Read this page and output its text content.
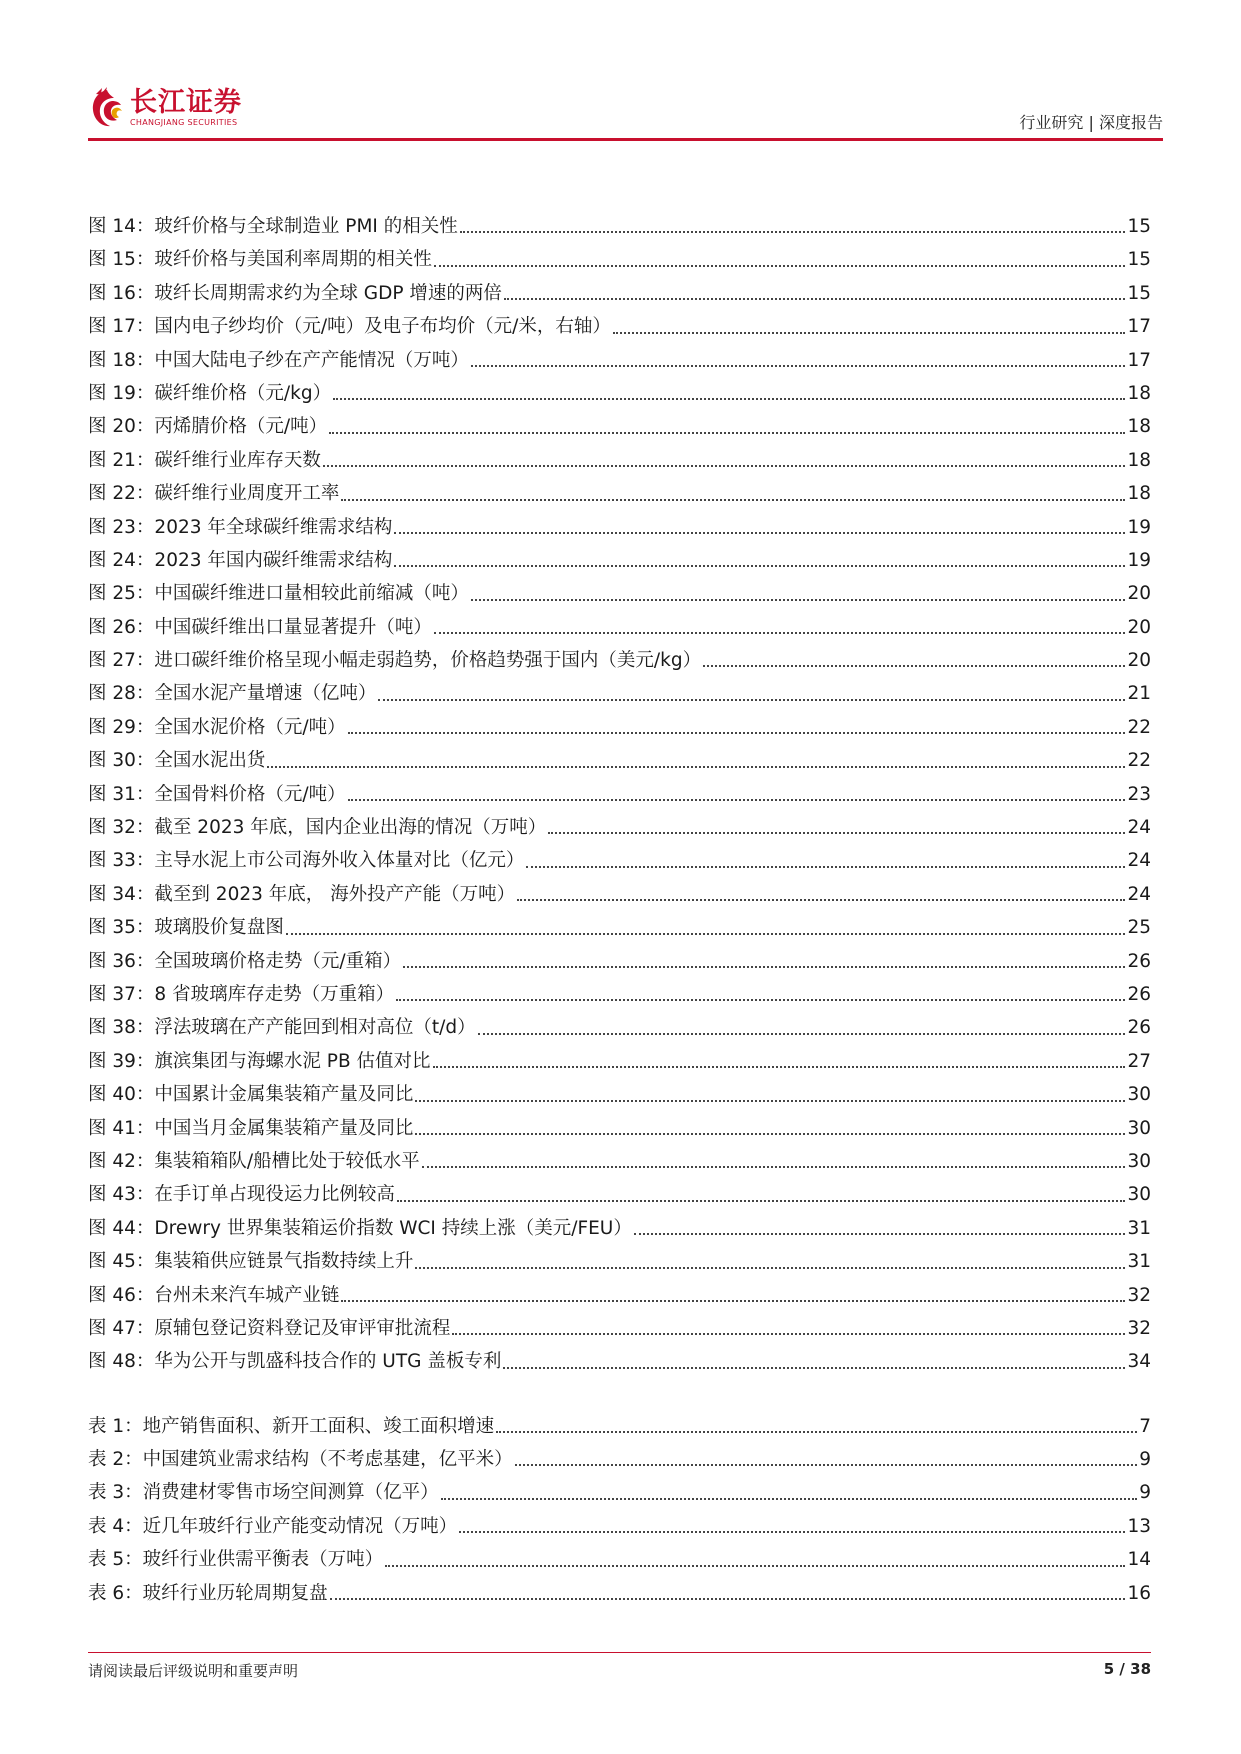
长江证券
CHANGJIANG SECURITIES	行业研究 | 深度报告
图 14： 玻纤价格与全球制造业 PMI 的相关性	15
图 15： 玻纤价格与美国利率周期的相关性	15
图 16： 玻纤长周期需求约为全球 GDP 增速的两倍	15
图 17： 国内电子纱均价（元/吨）及电子布均价（元/米，右轴）	17
图 18： 中国大陆电子纱在产产能情况（万吨）	17
图 19： 碳纤维价格（元/kg）	18
图 20： 丙烯腈价格（元/吨）	18
图 21： 碳纤维行业库存天数	18
图 22： 碳纤维行业周度开工率	18
图 23： 2023 年全球碳纤维需求结构	19
图 24： 2023 年国内碳纤维需求结构	19
图 25： 中国碳纤维进口量相较此前缩减（吨）	20
图 26： 中国碳纤维出口量显著提升（吨）	20
图 27： 进口碳纤维价格呈现小幅走弱趋势，价格趋势强于国内（美元/kg）	20
图 28： 全国水泥产量增速（亿吨）	21
图 29： 全国水泥价格（元/吨）	22
图 30： 全国水泥出货	22
图 31： 全国骨料价格（元/吨）	23
图 32： 截至 2023 年底，国内企业出海的情况（万吨）	24
图 33： 主导水泥上市公司海外收入体量对比（亿元）	24
图 34： 截至到 2023 年底， 海外投产产能（万吨）	24
图 35： 玻璃股价复盘图	25
图 36： 全国玻璃价格走势（元/重箱）	26
图 37： 8 省玻璃库存走势（万重箱）	26
图 38： 浮法玻璃在产产能回到相对高位（t/d）	26
图 39： 旗滨集团与海螺水泥 PB 估值对比	27
图 40： 中国累计金属集装箱产量及同比	30
图 41： 中国当月金属集装箱产量及同比	30
图 42： 集装箱箱队/船槽比处于较低水平	30
图 43： 在手订单占现役运力比例较高	30
图 44： Drewry 世界集装箱运价指数 WCI 持续上涨（美元/FEU）	31
图 45： 集装箱供应链景气指数持续上升	31
图 46： 台州未来汽车城产业链	32
图 47： 原辅包登记资料登记及审评审批流程	32
图 48： 华为公开与凯盛科技合作的 UTG 盖板专利	34
表 1： 地产销售面积、新开工面积、竣工面积增速	7
表 2： 中国建筑业需求结构（不考虑基建，亿平米）	9
表 3： 消费建材零售市场空间测算（亿平）	9
表 4： 近几年玻纤行业产能变动情况（万吨）	13
表 5： 玻纤行业供需平衡表（万吨）	14
表 6： 玻纤行业历轮周期复盘	16
请阅读最后评级说明和重要声明	5 / 38
